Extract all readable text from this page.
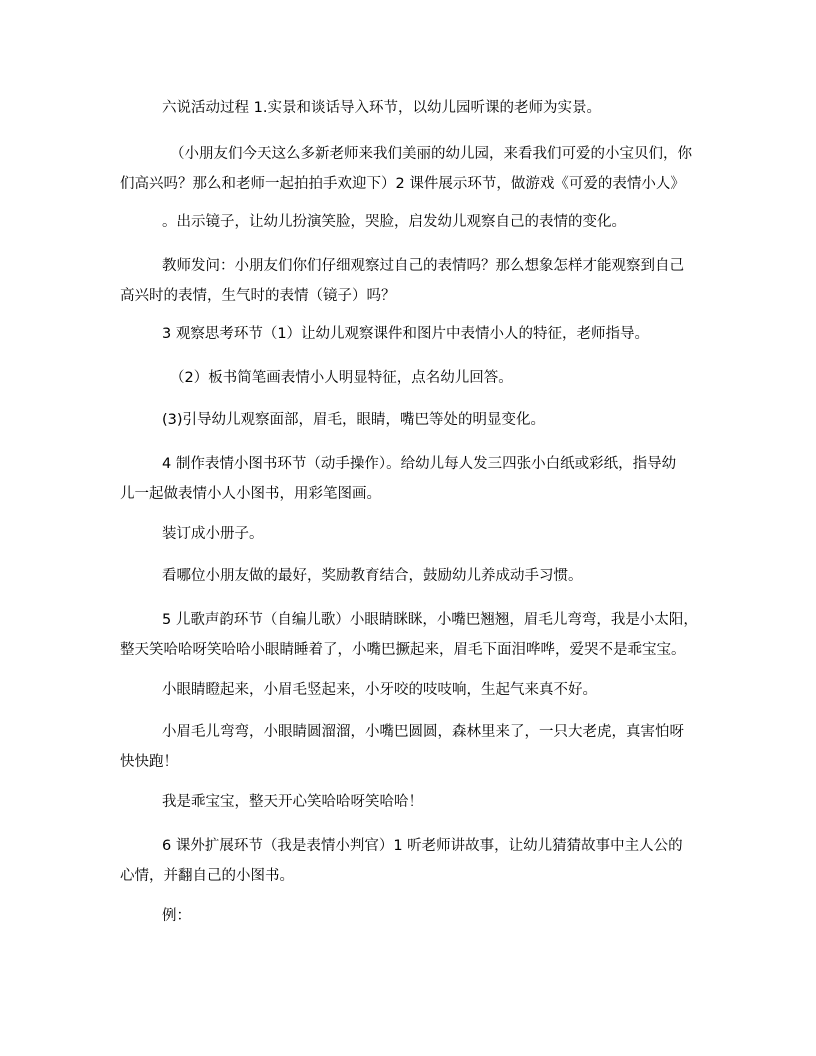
六说活动过程 1.实景和谈话导入环节，以幼儿园听课的老师为实景。
（小朋友们今天这么多新老师来我们美丽的幼儿园，来看我们可爱的小宝贝们，你
们高兴吗？那么和老师一起拍拍手欢迎下）2 课件展示环节，做游戏《可爱的表情小人》
。出示镜子，让幼儿扮演笑脸，哭脸，启发幼儿观察自己的表情的变化。
教师发问：小朋友们你们仔细观察过自己的表情吗？那么想象怎样才能观察到自己
高兴时的表情，生气时的表情（镜子）吗？
3 观察思考环节（1）让幼儿观察课件和图片中表情小人的特征，老师指导。
（2）板书简笔画表情小人明显特征，点名幼儿回答。
(3)引导幼儿观察面部，眉毛，眼睛，嘴巴等处的明显变化。
4 制作表情小图书环节（动手操作）。给幼儿每人发三四张小白纸或彩纸，指导幼
儿一起做表情小人小图书，用彩笔图画。
装订成小册子。
看哪位小朋友做的最好，奖励教育结合，鼓励幼儿养成动手习惯。
5 儿歌声韵环节（自编儿歌）小眼睛眯眯，小嘴巴翘翘，眉毛儿弯弯，我是小太阳，
整天笑哈哈呀笑哈哈小眼睛睡着了，小嘴巴撅起来，眉毛下面泪哗哗，爱哭不是乖宝宝。
小眼睛瞪起来，小眉毛竖起来，小牙咬的吱吱响，生起气来真不好。
小眉毛儿弯弯，小眼睛圆溜溜，小嘴巴圆圆，森林里来了，一只大老虎，真害怕呀
快快跑！
我是乖宝宝，整天开心笑哈哈呀笑哈哈！
6 课外扩展环节（我是表情小判官）1 听老师讲故事，让幼儿猜猜故事中主人公的
心情，并翻自己的小图书。
例：
